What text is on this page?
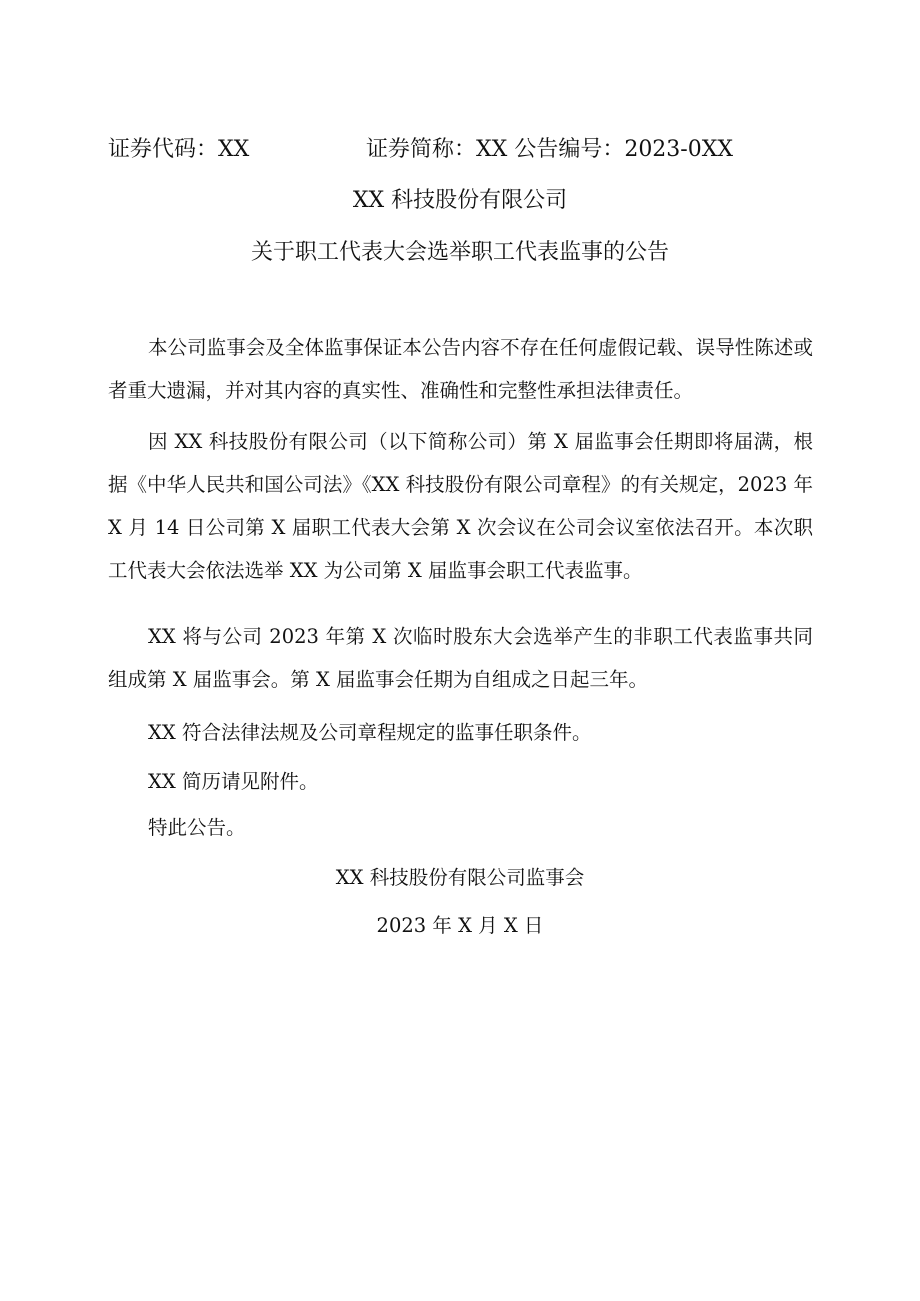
证券代码：XX	证券简称：XX 公告编号：2023-0XX
XX 科技股份有限公司
关于职工代表大会选举职工代表监事的公告

本公司监事会及全体监事保证本公告内容不存在任何虚假记载、误导性陈述或者重大遗漏，并对其内容的真实性、准确性和完整性承担法律责任。

因 XX 科技股份有限公司（以下简称公司）第 X 届监事会任期即将届满，根据《中华人民共和国公司法》《XX 科技股份有限公司章程》的有关规定，2023 年 X 月 14 日公司第 X 届职工代表大会第 X 次会议在公司会议室依法召开。本次职工代表大会依法选举 XX 为公司第 X 届监事会职工代表监事。

XX 将与公司 2023 年第 X 次临时股东大会选举产生的非职工代表监事共同组成第 X 届监事会。第 X 届监事会任期为自组成之日起三年。

XX 符合法律法规及公司章程规定的监事任职条件。

XX 简历请见附件。

特此公告。

XX 科技股份有限公司监事会
2023 年 X 月 X 日
